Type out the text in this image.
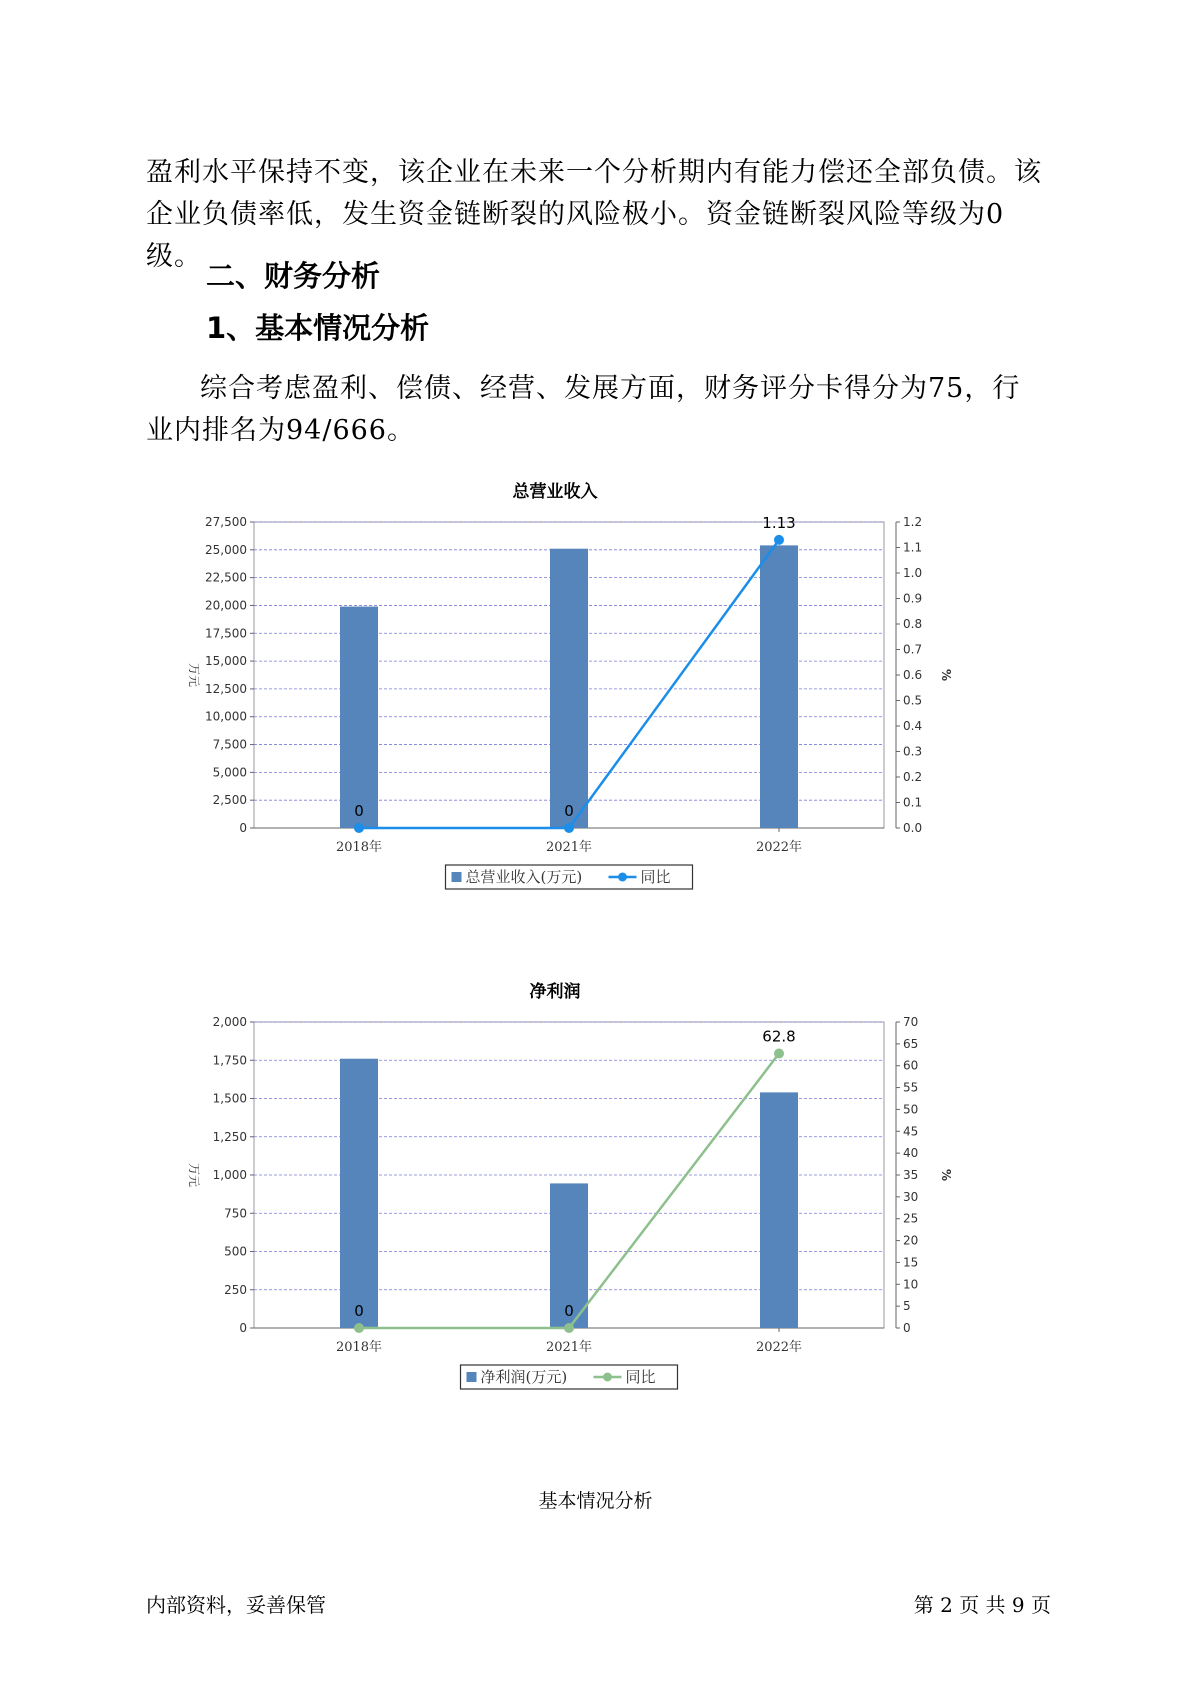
盈利水平保持不变，该企业在未来一个分析期内有能力偿还全部负债。该
企业负债率低，发生资金链断裂的风险极小。资金链断裂风险等级为0级。
二、财务分析
1、基本情况分析
综合考虑盈利、偿债、经营、发展方面，财务评分卡得分为75，行业内排名为94/666。
总营业收入
0
2,500
5,000
7,500
10,000
12,500
15,000
17,500
20,000
22,500
25,000
27,500
0.0
0.1
0.2
0.3
0.4
0.5
0.6
0.7
0.8
0.9
1.0
1.1
1.2
万元	%
2018年	2021年	2022年
0	0
1.13
总营业收入(万元)	同比
净利润
0
250
500
750
1,000
1,250
1,500
1,750
2,000
0
5
10
15
20
25
30
35
40
45
50
55
60
65
70
万元	%
2018年	2021年	2022年
0	0
62.8
净利润(万元)	同比
基本情况分析
内部资料，妥善保管	第 2 页 共 9 页
